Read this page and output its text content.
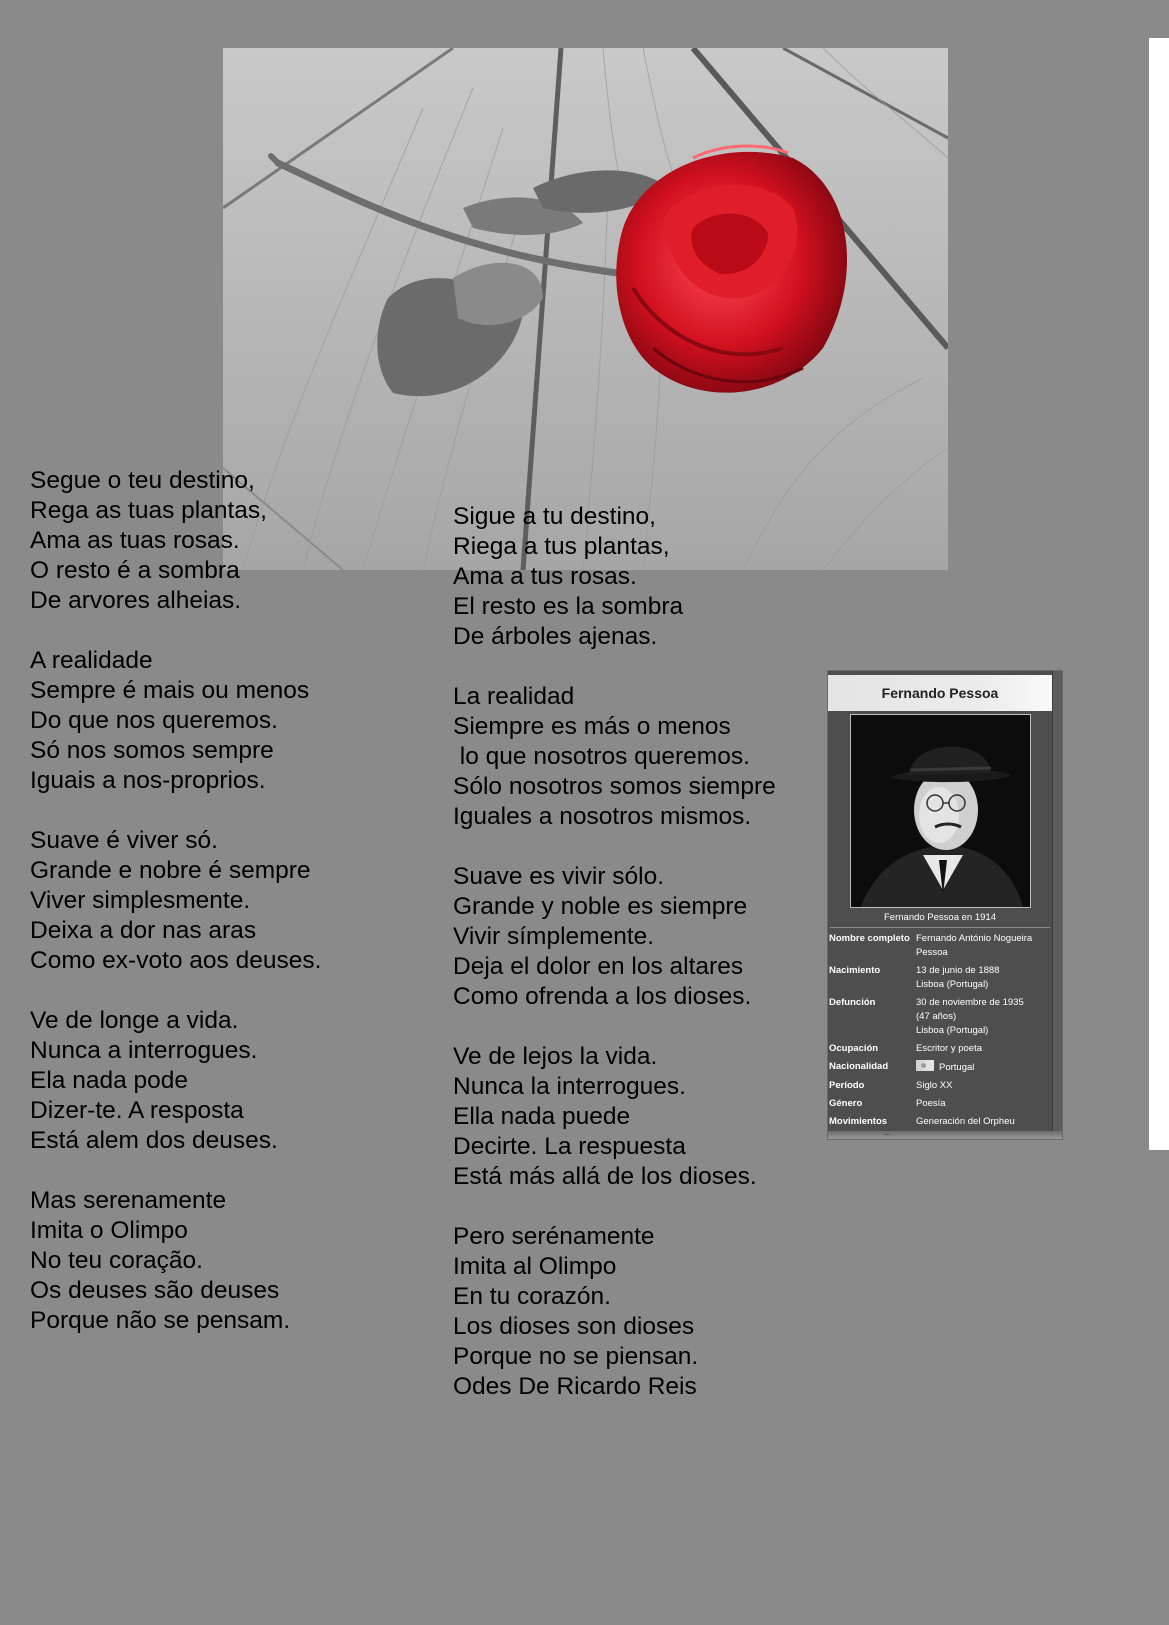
Segue o teu destino,
Rega as tuas plantas,
Ama as tuas rosas.
O resto é a sombra
De arvores alheias.
A realidade
Sempre é mais ou menos
Do que nos queremos.
Só nos somos sempre
Iguais a nos-proprios.
Suave é viver só.
Grande e nobre é sempre
Viver simplesmente.
Deixa a dor nas aras
Como ex-voto aos deuses.
Ve de longe a vida.
Nunca a interrogues.
Ela nada pode
Dizer-te. A resposta
Está alem dos deuses.
Mas serenamente
Imita o Olimpo
No teu coração.
Os deuses são deuses
Porque não se pensam.
Sigue a tu destino,
Riega a tus plantas,
Ama a tus rosas.
El resto es la sombra
De árboles ajenas.
La realidad
Siempre es más o menos
lo que nosotros queremos.
Sólo nosotros somos siempre
Iguales a nosotros mismos.
Suave es vivir sólo.
Grande y noble es siempre
Vivir símplemente.
Deja el dolor en los altares
Como ofrenda a los dioses.
Ve de lejos la vida.
Nunca la interrogues.
Ella nada puede
Decirte. La respuesta
Está más allá de los dioses.
Pero serénamente
Imita al Olimpo
En tu corazón.
Los dioses son dioses
Porque no se piensan.
Odes De Ricardo Reis
Fernando Pessoa
Fernando Pessoa en 1914
Nombre completo	Fernando António Nogueira Pessoa
Nacimiento	13 de junio de 1888
Lisboa (Portugal)
Defunción	30 de noviembre de 1935
(47 años)
Lisboa (Portugal)
Ocupación	Escritor y poeta
Nacionalidad	Portugal
Período	Siglo XX
Género	Poesía
Movimientos	Generación del Orpheu
...
